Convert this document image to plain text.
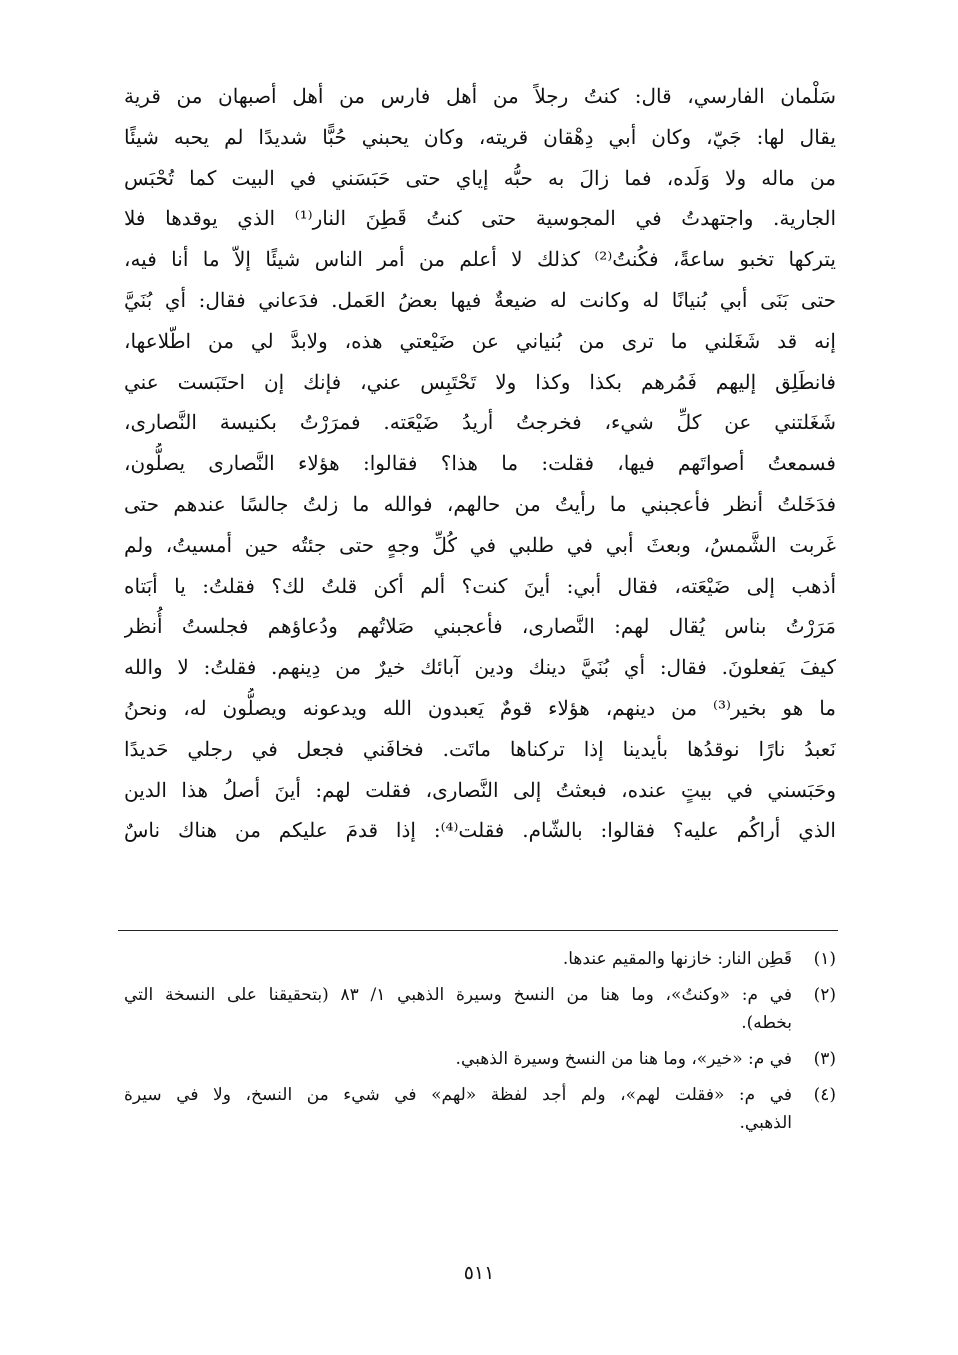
سَلْمان الفارسي، قال: كنتُ رجلاً من أهل فارس من أهل أصبهان من قرية
يقال لها: جَيّ، وكان أبي دِهْقان قريته، وكان يحبني حُبًّا شديدًا لم يحبه شيئًا
من ماله ولا وَلَده، فما زالَ به حبُّه إياي حتى حَبَسَني في البيت كما تُحْبَس
الجارية. واجتهدتُ في المجوسية حتى كنتُ قَطِنَ النار⁽¹⁾ الذي يوقدها فلا
يتركها تخبو ساعةً، فكُنتُ⁽²⁾ كذلك لا أعلم من أمر الناس شيئًا إلاّ ما أنا فيه،
حتى بَنَى أبي بُنيانًا له وكانت له ضيعةٌ فيها بعضُ العَمل. فدَعاني فقال: أي بُنَيَّ
إنه قد شَغَلني ما ترى من بُنياني عن ضَيْعتي هذه، ولابدَّ لي من اطّلاعها،
فانطَلِق إليهم فَمُرهم بكذا وكذا ولا تَحْتَبِس عني، فإنك إن احتَبَست عني
شَغَلتني عن كلِّ شيء، فخرجتُ أريدُ ضَيْعَته. فمرَرْتُ بكنيسة النَّصارى،
فسمعتُ أصواتَهم فيها، فقلت: ما هذا؟ فقالوا: هؤلاء النَّصارى يصلُّون،
فدَخَلتُ أنظر فأعجبني ما رأيتُ من حالهم، فوالله ما زلتُ جالسًا عندهم حتى
غَربت الشَّمسُ، وبعثَ أبي في طلبي في كُلِّ وجهٍ حتى جئتُه حين أمسيتُ، ولم
أذهب إلى ضَيْعَته، فقال أبي: أينَ كنت؟ ألم أكن قلتُ لك؟ فقلتُ: يا أبَتاه
مَرَرْتُ بناس يُقال لهم: النَّصارى، فأعجبني صَلاتُهم ودُعاؤهم فجلستُ أُنظر
كيفَ يَفعلونَ. فقال: أي بُنَيَّ دينك ودين آبائك خيرٌ من دِينهم. فقلتُ: لا والله
ما هو بخير⁽³⁾ من دينهم، هؤلاء قومٌ يَعبدون الله ويدعونه ويصلُّون له، ونحنُ
نَعبدُ نارًا نوقدُها بأيدينا إذا تركناها ماتَت. فخافَني فجعل في رجلي حَديدًا
وحَبَسني في بيتٍ عنده، فبعثتُ إلى النَّصارى، فقلت لهم: أينَ أصلُ هذا الدين
الذي أراكُم عليه؟ فقالوا: بالشّام. فقلت⁽⁴⁾: إذا قدمَ عليكم من هناك ناسٌ
(١)
قَطِن النار: خازنها والمقيم عندها.
(٢)
في م: «وكنتُ»، وما هنا من النسخ وسيرة الذهبي ١/ ٨٣ (بتحقيقنا على النسخة التي
بخطه).
(٣)
في م: «خير»، وما هنا من النسخ وسيرة الذهبي.
(٤)
في م: «فقلت لهم»، ولم أجد لفظة «لهم» في شيء من النسخ، ولا في سيرة
الذهبي.
٥١١
